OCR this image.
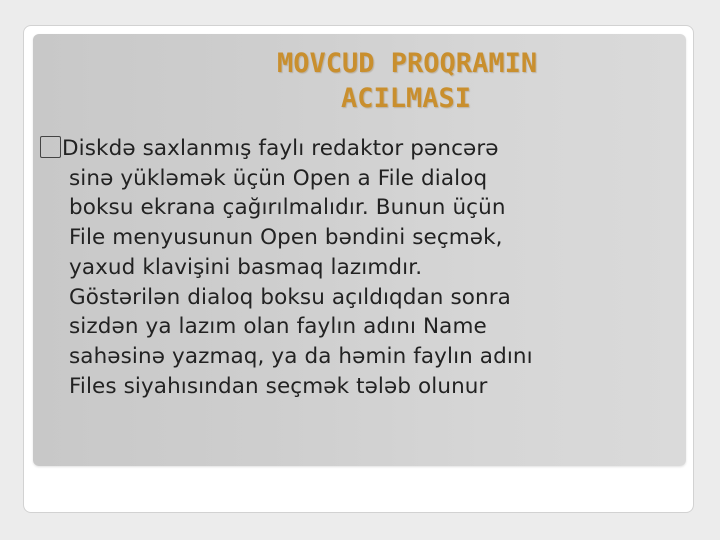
MOVCUD PROQRAMIN
ACILMASI
Diskdə saxlanmış faylı redaktor pəncərə
sinə yükləmək üçün Open a File dialoq
boksu ekrana çağırılmalıdır. Bunun üçün
File menyusunun Open bəndini seçmək,
yaxud klavişini basmaq lazımdır.
Göstərilən dialoq boksu açıldıqdan sonra
sizdən ya lazım olan faylın adını Name
sahəsinə yazmaq, ya da həmin faylın adını
Files siyahısından seçmək tələb olunur
